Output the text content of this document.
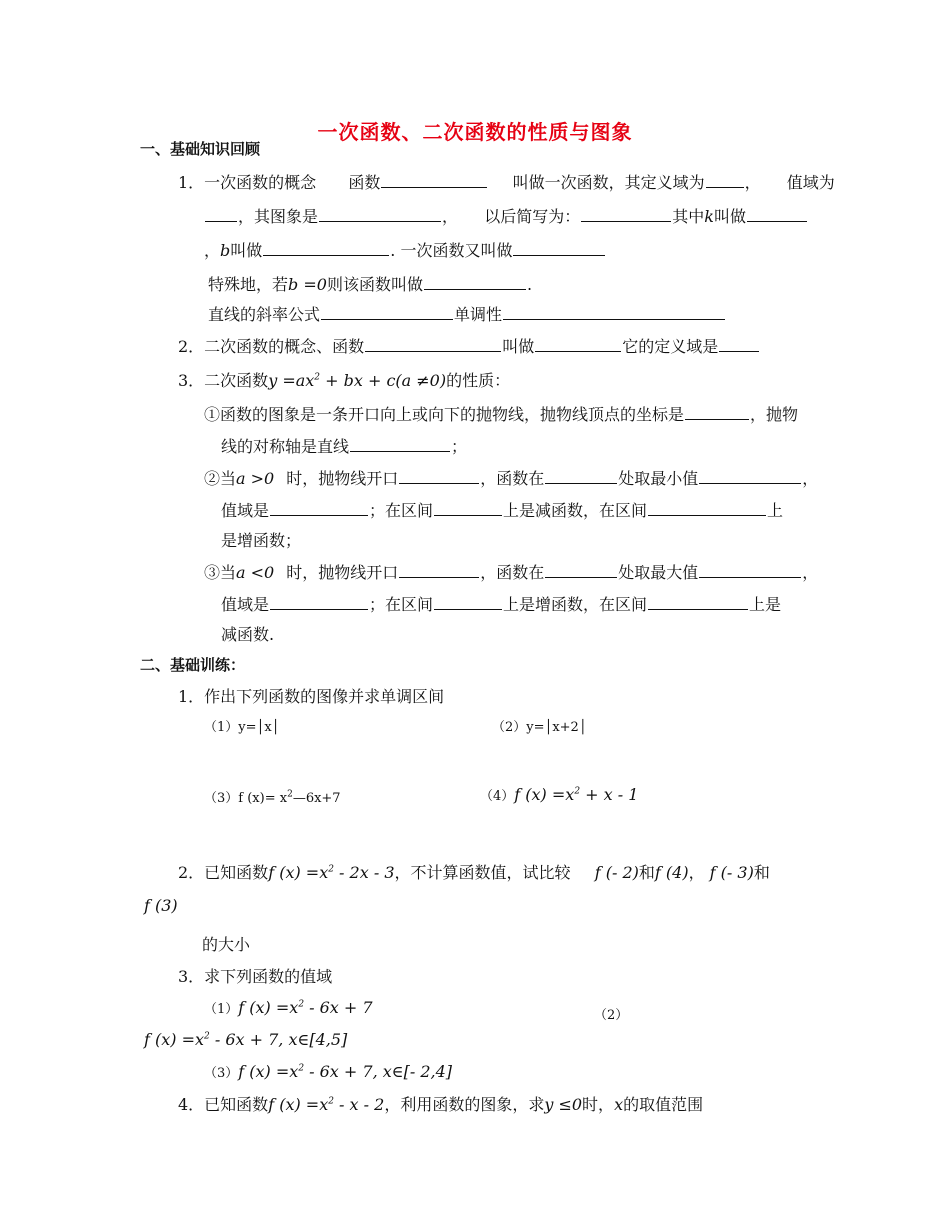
一次函数、二次函数的性质与图象
一、基础知识回顾
1．一次函数的概念 函数	叫做一次函数，其定义域为	， 值域为
，其图象是	， 以后简写为：	其中k叫做
，b叫做	. 一次函数又叫做
特殊地，若b =0则该函数叫做	.
直线的斜率公式	单调性
2．二次函数的概念、函数	叫做	它的定义域是
3．二次函数$y =ax^2$ + bx + c(a ≠0)的性质：
①函数的图象是一条开口向上或向下的抛物线，抛物线顶点的坐标是	，抛物
线的对称轴是直线	；
②当a >0 时，抛物线开口	，函数在	处取最小值	，
值域是	；在区间	上是减函数，在区间	上
是增函数；
③当a <0 时，抛物线开口	，函数在	处取最大值	，
值域是	；在区间	上是增函数，在区间	上是
减函数.
二、基础训练：
1．作出下列函数的图像并求单调区间
（1）y=│x│	（2）y=│x+2│
（3）f $(x)= x^2—6x+7$	（4）f $(x) =x^2 + x - 1$
2．已知函数f $(x) =x^2 - 2x - 3$，不计算函数值，试比较 f (- 2)和f (4)， f (- 3)和
f (3)
的大小
3．求下列函数的值域
（1）f $(x) =x^2 - 6x + 7$	（2）
f $(x) =x^2 - 6x + 7$, x∈[4,5]
（3）f $(x) =x^2 - 6x + 7$, x∈[- 2,4]
4．已知函数f $(x) =x^2 - x - 2$，利用函数的图象，求y ≤0时，x的取值范围
